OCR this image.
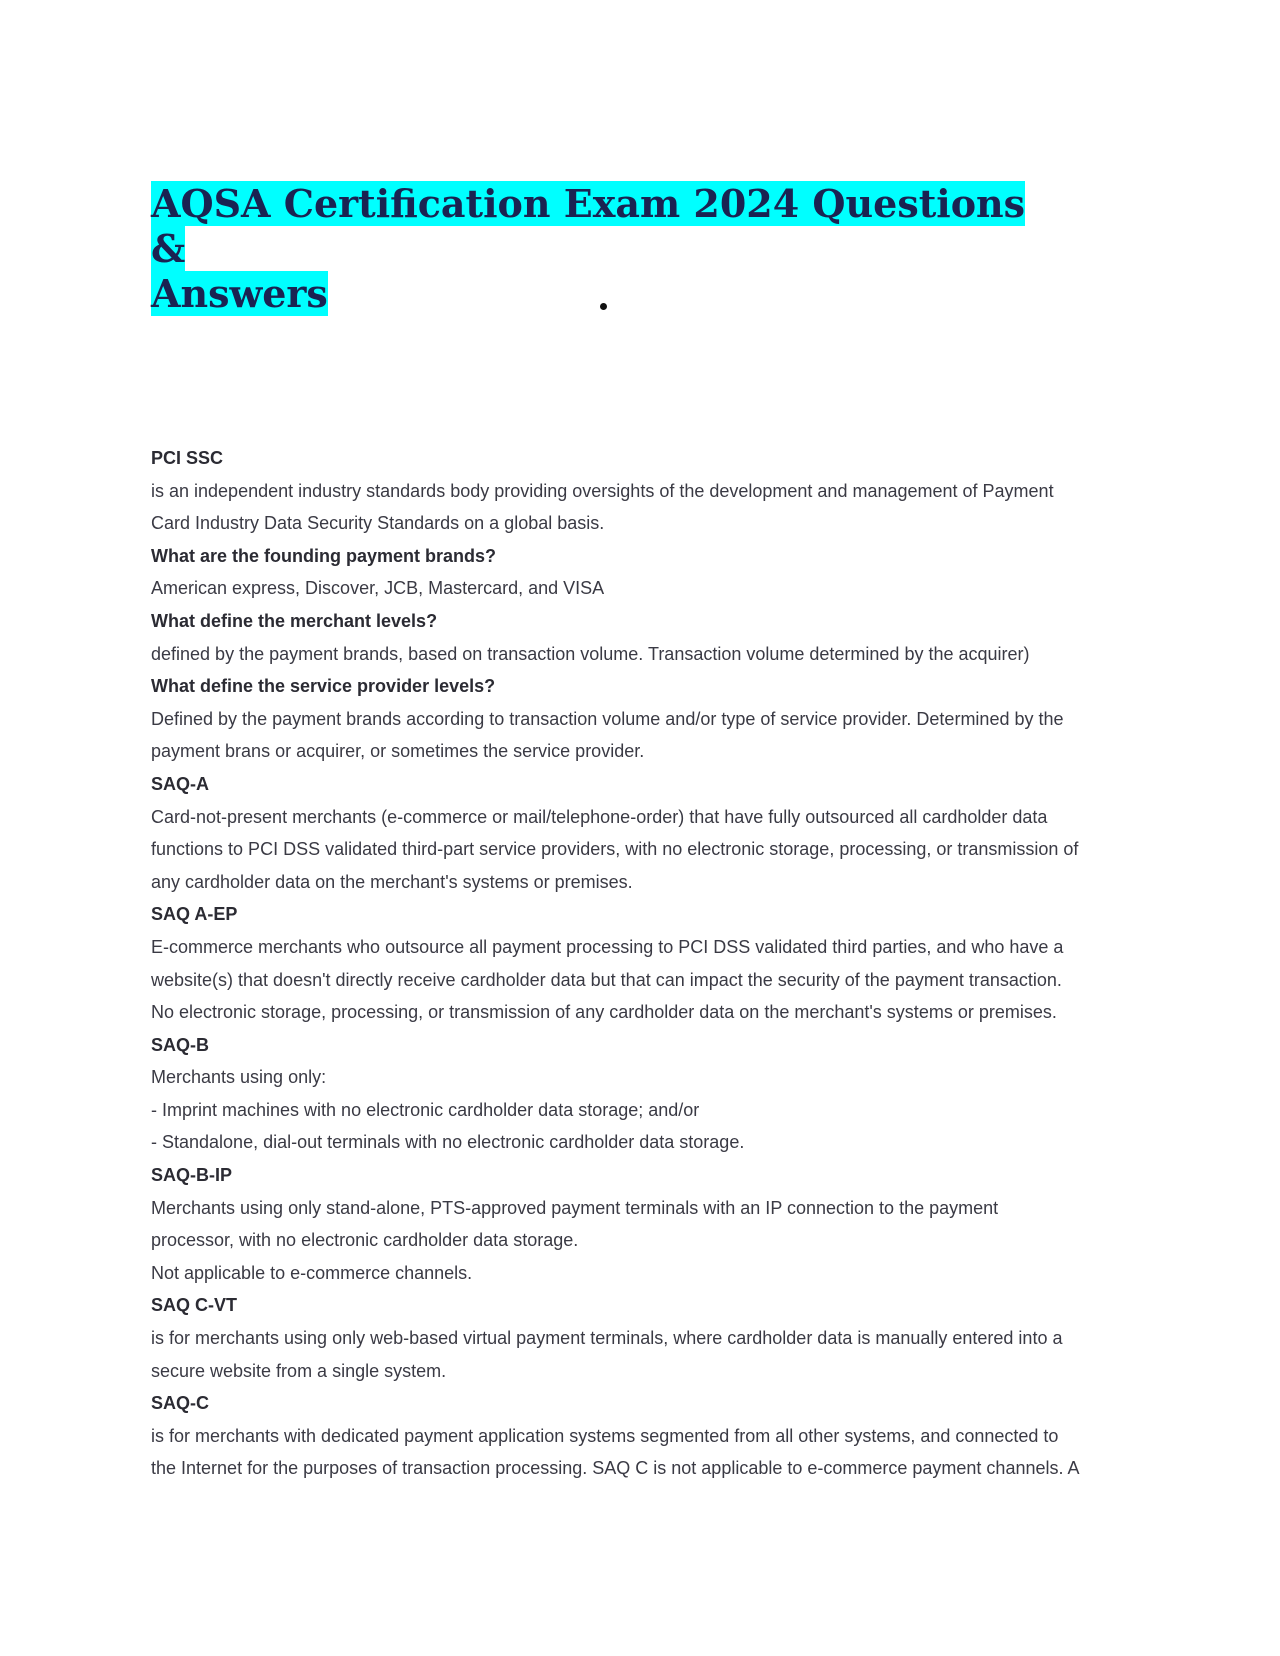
AQSA Certification Exam 2024 Questions &
Answers

PCI SSC

is an independent industry standards body providing oversights of the development and management of Payment

Card Industry Data Security Standards on a global basis.

What are the founding payment brands?

American express, Discover, JCB, Mastercard, and VISA

What define the merchant levels?

defined by the payment brands, based on transaction volume. Transaction volume determined by the acquirer)

What define the service provider levels?

Defined by the payment brands according to transaction volume and/or type of service provider. Determined by the

payment brans or acquirer, or sometimes the service provider.

SAQ-A

Card-not-present merchants (e-commerce or mail/telephone-order) that have fully outsourced all cardholder data

functions to PCI DSS validated third-part service providers, with no electronic storage, processing, or transmission of

any cardholder data on the merchant's systems or premises.

SAQ A-EP

E-commerce merchants who outsource all payment processing to PCI DSS validated third parties, and who have a

website(s) that doesn't directly receive cardholder data but that can impact the security of the payment transaction.

No electronic storage, processing, or transmission of any cardholder data on the merchant's systems or premises.

SAQ-B

Merchants using only:

- Imprint machines with no electronic cardholder data storage; and/or

- Standalone, dial-out terminals with no electronic cardholder data storage.

SAQ-B-IP

Merchants using only stand-alone, PTS-approved payment terminals with an IP connection to the payment

processor, with no electronic cardholder data storage.

Not applicable to e-commerce channels.

SAQ C-VT

is for merchants using only web-based virtual payment terminals, where cardholder data is manually entered into a

secure website from a single system.

SAQ-C

is for merchants with dedicated payment application systems segmented from all other systems, and connected to

the Internet for the purposes of transaction processing. SAQ C is not applicable to e-commerce payment channels. A
